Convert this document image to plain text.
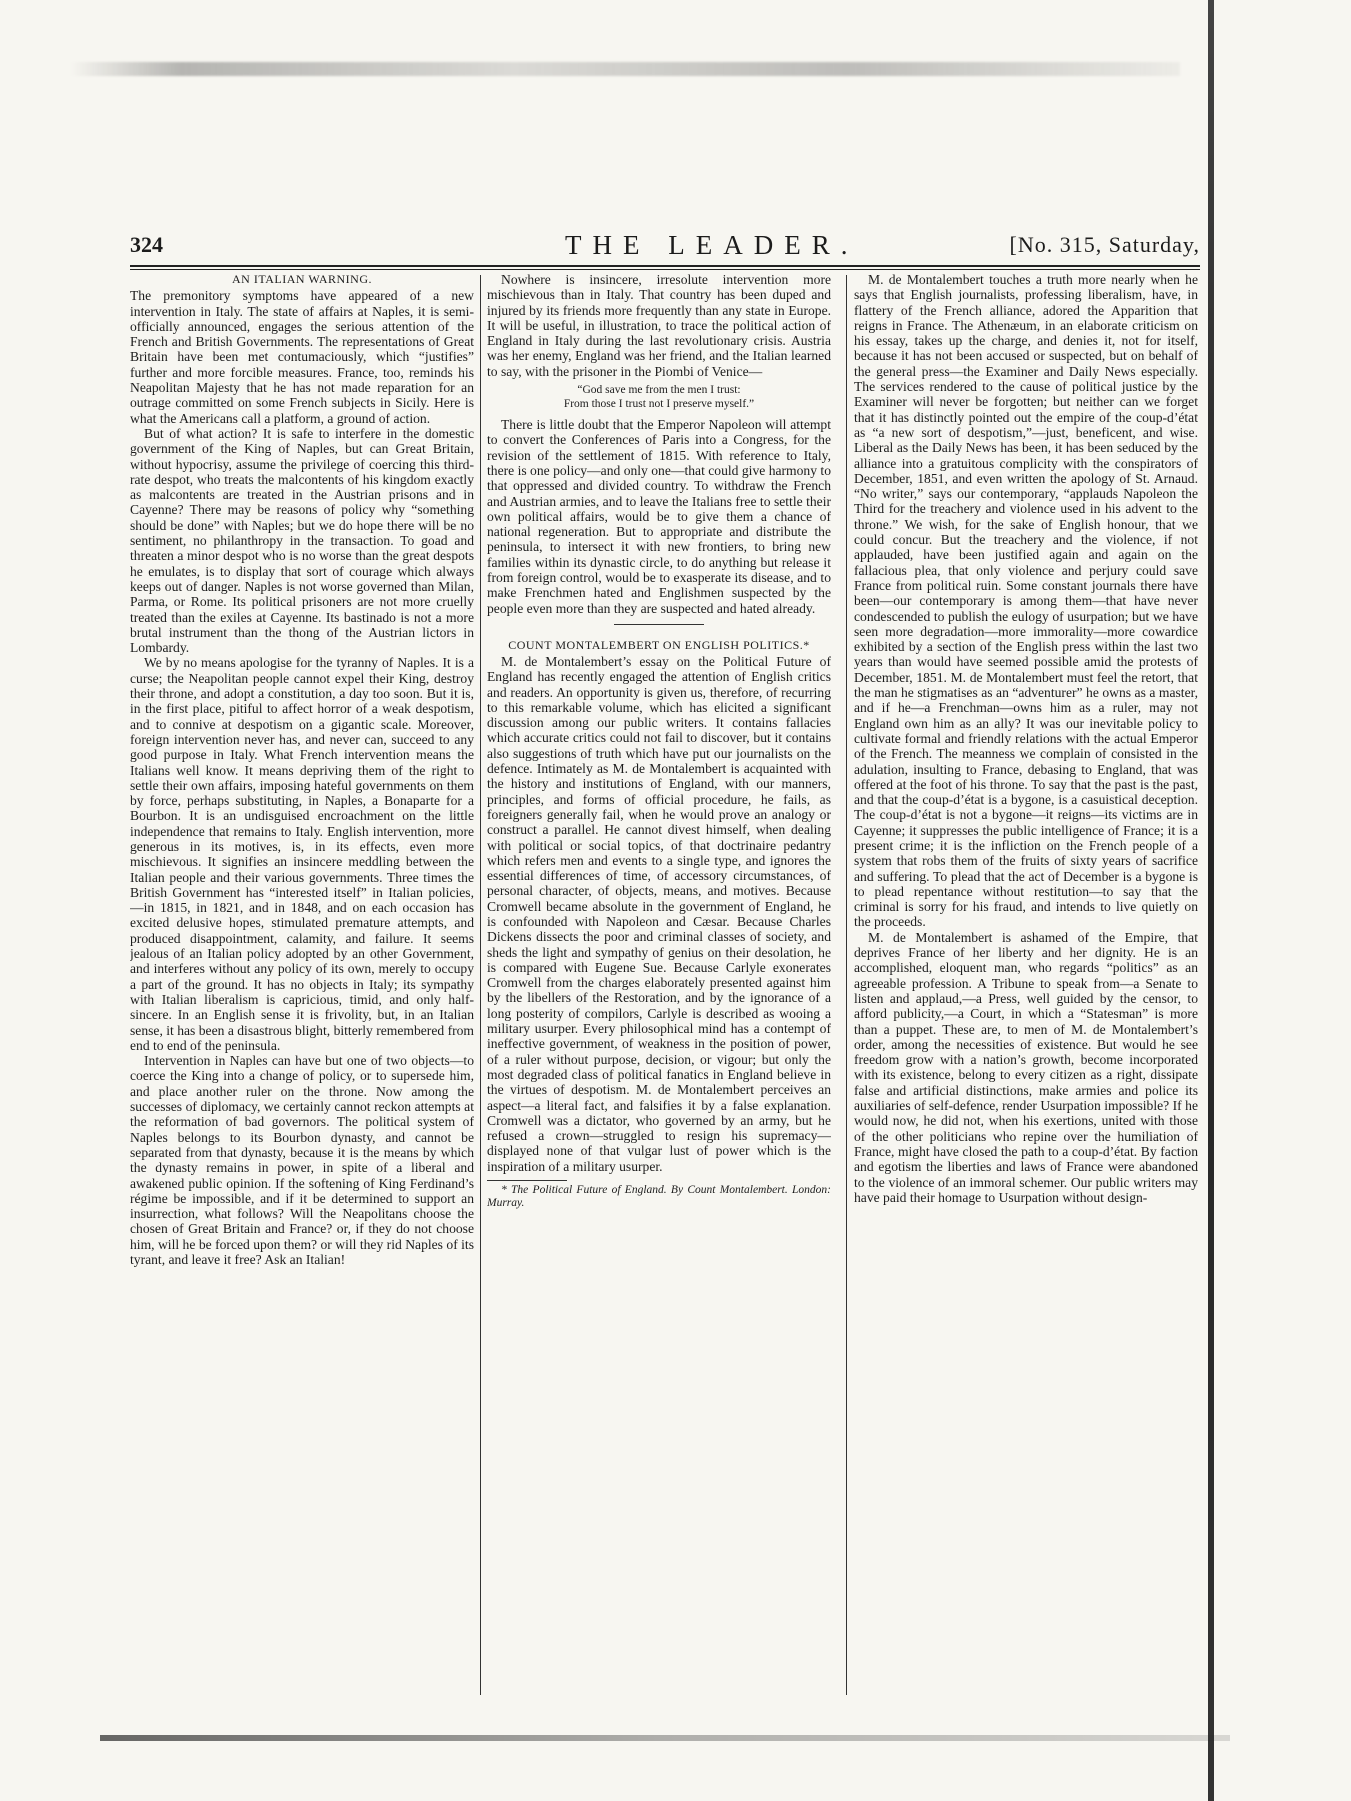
324	THE LEADER.	[No. 315, Saturday,
AN ITALIAN WARNING.

The premonitory symptoms have appeared of a new intervention in Italy. The state of affairs at Naples, it is semi-officially announced, engages the serious attention of the French and British Governments. The representations of Great Britain have been met contumaciously, which “justifies” further and more forcible measures. France, too, reminds his Neapolitan Majesty that he has not made reparation for an outrage committed on some French subjects in Sicily. Here is what the Americans call a platform, a ground of action.

But of what action? It is safe to interfere in the domestic government of the King of Naples, but can Great Britain, without hypocrisy, assume the privilege of coercing this third-rate despot, who treats the malcontents of his kingdom exactly as malcontents are treated in the Austrian prisons and in Cayenne? There may be reasons of policy why “something should be done” with Naples; but we do hope there will be no sentiment, no philanthropy in the transaction. To goad and threaten a minor despot who is no worse than the great despots he emulates, is to display that sort of courage which always keeps out of danger. Naples is not worse governed than Milan, Parma, or Rome. Its political prisoners are not more cruelly treated than the exiles at Cayenne. Its bastinado is not a more brutal instrument than the thong of the Austrian lictors in Lombardy.

We by no means apologise for the tyranny of Naples. It is a curse; the Neapolitan people cannot expel their King, destroy their throne, and adopt a constitution, a day too soon. But it is, in the first place, pitiful to affect horror of a weak despotism, and to connive at despotism on a gigantic scale. Moreover, foreign intervention never has, and never can, succeed to any good purpose in Italy. What French intervention means the Italians well know. It means depriving them of the right to settle their own affairs, imposing hateful governments on them by force, perhaps substituting, in Naples, a Bonaparte for a Bourbon. It is an undisguised encroachment on the little independence that remains to Italy. English intervention, more generous in its motives, is, in its effects, even more mischievous. It signifies an insincere meddling between the Italian people and their various governments. Three times the British Government has “interested itself” in Italian policies, —in 1815, in 1821, and in 1848, and on each occasion has excited delusive hopes, stimulated premature attempts, and produced disappointment, calamity, and failure. It seems jealous of an Italian policy adopted by an other Government, and interferes without any policy of its own, merely to occupy a part of the ground. It has no objects in Italy; its sympathy with Italian liberalism is capricious, timid, and only half-sincere. In an English sense it is frivolity, but, in an Italian sense, it has been a disastrous blight, bitterly remembered from end to end of the peninsula.

Intervention in Naples can have but one of two objects—to coerce the King into a change of policy, or to supersede him, and place another ruler on the throne. Now among the successes of diplomacy, we certainly cannot reckon attempts at the reformation of bad governors. The political system of Naples belongs to its Bourbon dynasty, and cannot be separated from that dynasty, because it is the means by which the dynasty remains in power, in spite of a liberal and awakened public opinion. If the softening of King Ferdinand’s régime be impossible, and if it be determined to support an insurrection, what follows? Will the Neapolitans choose the chosen of Great Britain and France? or, if they do not choose him, will he be forced upon them? or will they rid Naples of its tyrant, and leave it free? Ask an Italian!

Nowhere is insincere, irresolute intervention more mischievous than in Italy. That country has been duped and injured by its friends more frequently than any state in Europe. It will be useful, in illustration, to trace the political action of England in Italy during the last revolutionary crisis. Austria was her enemy, England was her friend, and the Italian learned to say, with the prisoner in the Piombi of Venice—

“God save me from the men I trust:
From those I trust not I preserve myself.”

There is little doubt that the Emperor Napoleon will attempt to convert the Conferences of Paris into a Congress, for the revision of the settlement of 1815. With reference to Italy, there is one policy—and only one—that could give harmony to that oppressed and divided country. To withdraw the French and Austrian armies, and to leave the Italians free to settle their own political affairs, would be to give them a chance of national regeneration. But to appropriate and distribute the peninsula, to intersect it with new frontiers, to bring new families within its dynastic circle, to do anything but release it from foreign control, would be to exasperate its disease, and to make Frenchmen hated and Englishmen suspected by the people even more than they are suspected and hated already.

COUNT MONTALEMBERT ON ENGLISH POLITICS.*

M. de Montalembert’s essay on the Political Future of England has recently engaged the attention of English critics and readers. An opportunity is given us, therefore, of recurring to this remarkable volume, which has elicited a significant discussion among our public writers. It contains fallacies which accurate critics could not fail to discover, but it contains also suggestions of truth which have put our journalists on the defence. Intimately as M. de Montalembert is acquainted with the history and institutions of England, with our manners, principles, and forms of official procedure, he fails, as foreigners generally fail, when he would prove an analogy or construct a parallel. He cannot divest himself, when dealing with political or social topics, of that doctrinaire pedantry which refers men and events to a single type, and ignores the essential differences of time, of accessory circumstances, of personal character, of objects, means, and motives. Because Cromwell became absolute in the government of England, he is confounded with Napoleon and Cæsar. Because Charles Dickens dissects the poor and criminal classes of society, and sheds the light and sympathy of genius on their desolation, he is compared with Eugene Sue. Because Carlyle exonerates Cromwell from the charges elaborately presented against him by the libellers of the Restoration, and by the ignorance of a long posterity of compilors, Carlyle is described as wooing a military usurper. Every philosophical mind has a contempt of ineffective government, of weakness in the position of power, of a ruler without purpose, decision, or vigour; but only the most degraded class of political fanatics in England believe in the virtues of despotism. M. de Montalembert perceives an aspect—a literal fact, and falsifies it by a false explanation. Cromwell was a dictator, who governed by an army, but he refused a crown—struggled to resign his supremacy—displayed none of that vulgar lust of power which is the inspiration of a military usurper.

* The Political Future of England. By Count Montalembert. London: Murray.

M. de Montalembert touches a truth more nearly when he says that English journalists, professing liberalism, have, in flattery of the French alliance, adored the Apparition that reigns in France. The Athenæum, in an elaborate criticism on his essay, takes up the charge, and denies it, not for itself, because it has not been accused or suspected, but on behalf of the general press—the Examiner and Daily News especially. The services rendered to the cause of political justice by the Examiner will never be forgotten; but neither can we forget that it has distinctly pointed out the empire of the coup-d’état as “a new sort of despotism,”—just, beneficent, and wise. Liberal as the Daily News has been, it has been seduced by the alliance into a gratuitous complicity with the conspirators of December, 1851, and even written the apology of St. Arnaud. “No writer,” says our contemporary, “applauds Napoleon the Third for the treachery and violence used in his advent to the throne.” We wish, for the sake of English honour, that we could concur. But the treachery and the violence, if not applauded, have been justified again and again on the fallacious plea, that only violence and perjury could save France from political ruin. Some constant journals there have been—our contemporary is among them—that have never condescended to publish the eulogy of usurpation; but we have seen more degradation—more immorality—more cowardice exhibited by a section of the English press within the last two years than would have seemed possible amid the protests of December, 1851. M. de Montalembert must feel the retort, that the man he stigmatises as an “adventurer” he owns as a master, and if he—a Frenchman—owns him as a ruler, may not England own him as an ally? It was our inevitable policy to cultivate formal and friendly relations with the actual Emperor of the French. The meanness we complain of consisted in the adulation, insulting to France, debasing to England, that was offered at the foot of his throne. To say that the past is the past, and that the coup-d’état is a bygone, is a casuistical deception. The coup-d’état is not a bygone—it reigns—its victims are in Cayenne; it suppresses the public intelligence of France; it is a present crime; it is the infliction on the French people of a system that robs them of the fruits of sixty years of sacrifice and suffering. To plead that the act of December is a bygone is to plead repentance without restitution—to say that the criminal is sorry for his fraud, and intends to live quietly on the proceeds.

M. de Montalembert is ashamed of the Empire, that deprives France of her liberty and her dignity. He is an accomplished, eloquent man, who regards “politics” as an agreeable profession. A Tribune to speak from—a Senate to listen and applaud,—a Press, well guided by the censor, to afford publicity,—a Court, in which a “Statesman” is more than a puppet. These are, to men of M. de Montalembert’s order, among the necessities of existence. But would he see freedom grow with a nation’s growth, become incorporated with its existence, belong to every citizen as a right, dissipate false and artificial distinctions, make armies and police its auxiliaries of self-defence, render Usurpation impossible? If he would now, he did not, when his exertions, united with those of the other politicians who repine over the humiliation of France, might have closed the path to a coup-d’état. By faction and egotism the liberties and laws of France were abandoned to the violence of an immoral schemer. Our public writers may have paid their homage to Usurpation without design-
